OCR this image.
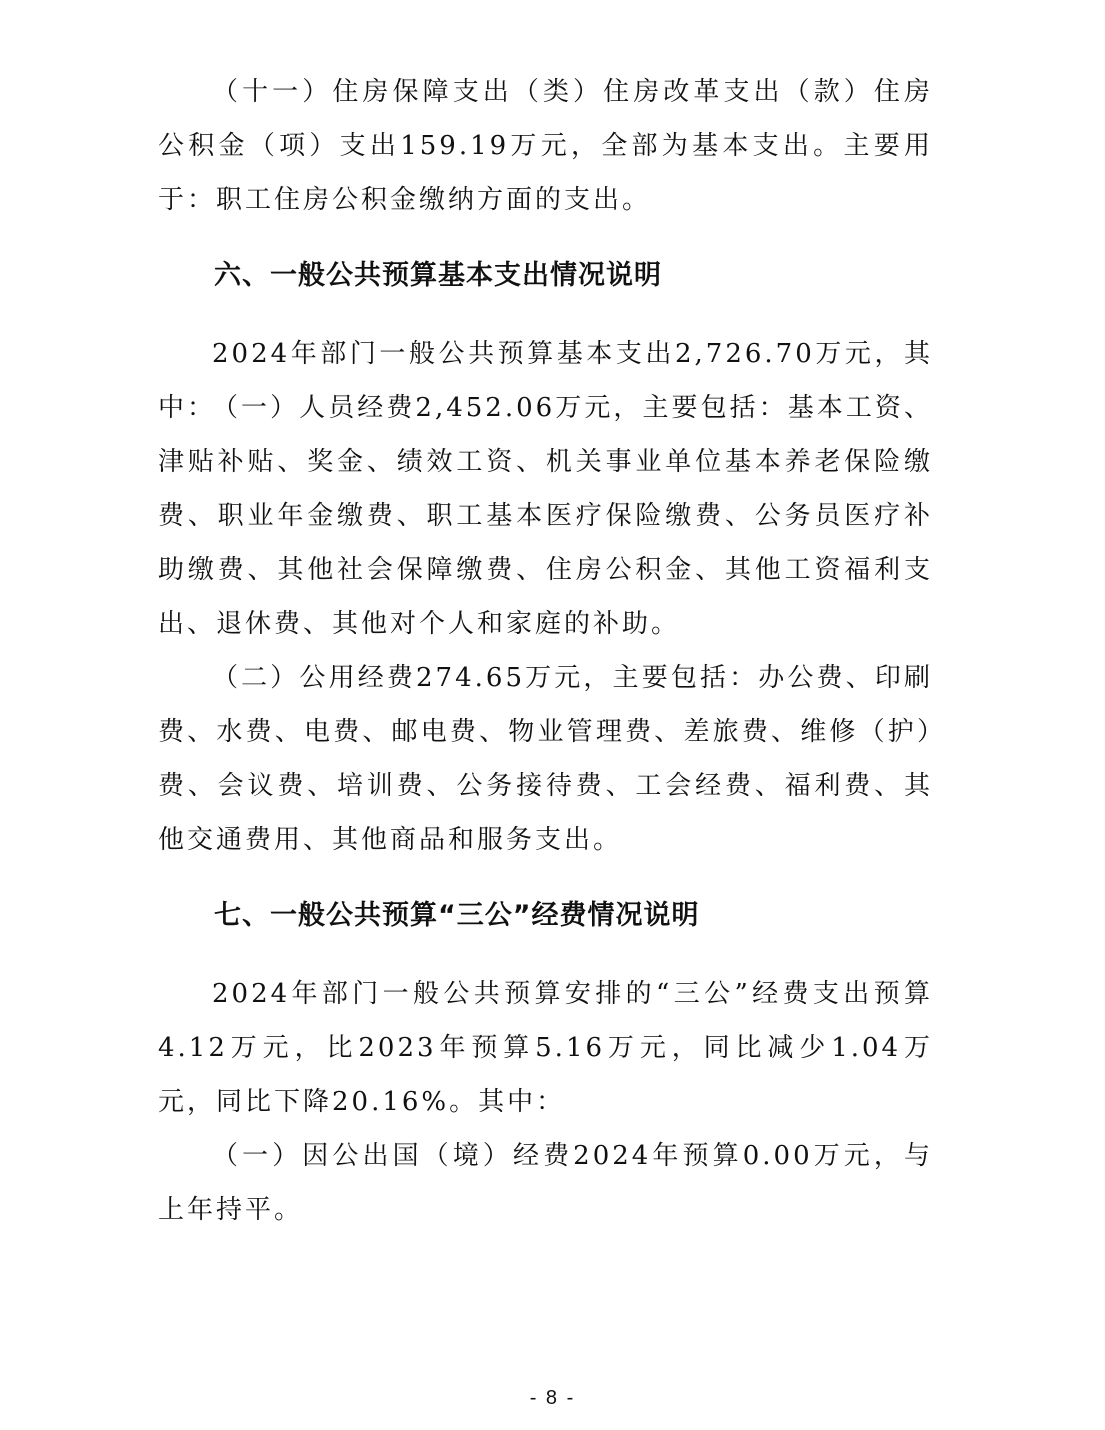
（十一）住房保障支出（类）住房改革支出（款）住房公积金（项）支出159.19万元，全部为基本支出。主要用于：职工住房公积金缴纳方面的支出。

六、一般公共预算基本支出情况说明

2024年部门一般公共预算基本支出2,726.70万元，其中：

（一）人员经费2,452.06万元，主要包括：基本工资、津贴补贴、奖金、绩效工资、机关事业单位基本养老保险缴费、职业年金缴费、职工基本医疗保险缴费、公务员医疗补助缴费、其他社会保障缴费、住房公积金、其他工资福利支出、退休费、其他对个人和家庭的补助。

（二）公用经费274.65万元，主要包括：办公费、印刷费、水费、电费、邮电费、物业管理费、差旅费、维修（护）费、会议费、培训费、公务接待费、工会经费、福利费、其他交通费用、其他商品和服务支出。

七、一般公共预算“三公”经费情况说明

2024年部门一般公共预算安排的“三公”经费支出预算4.12万元，比2023年预算5.16万元，同比减少1.04万元，同比下降20.16%。其中：

（一）因公出国（境）经费2024年预算0.00万元，与上年持平。

- 8 -
